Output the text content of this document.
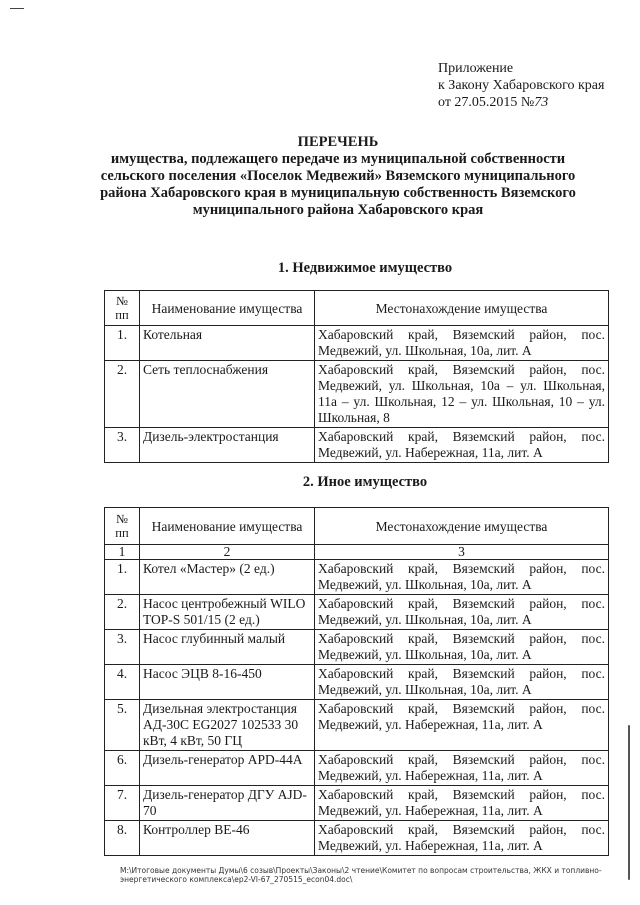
Приложение
к Закону Хабаровского края
от 27.05.2015 №73
ПЕРЕЧЕНЬ
имущества, подлежащего передаче из муниципальной собственности
сельского поселения «Поселок Медвежий» Вяземского муниципального
района Хабаровского края в муниципальную собственность Вяземского
муниципального района Хабаровского края
1. Недвижимое имущество
№
пп	Наименование имущества	Местонахождение имущества
1.	Котельная	Хабаровский край, Вяземский район, пос. Медвежий, ул. Школьная, 10а, лит. А
2.	Сеть теплоснабжения	Хабаровский край, Вяземский район, пос. Медвежий, ул. Школьная, 10а – ул. Школьная, 11а – ул. Школьная, 12 – ул. Школьная, 10 – ул. Школьная, 8
3.	Дизель-электростанция	Хабаровский край, Вяземский район, пос. Медвежий, ул. Набережная, 11а, лит. А
2. Иное имущество
№
пп	Наименование имущества	Местонахождение имущества
1	2	3
1.	Котел «Мастер» (2 ед.)	Хабаровский край, Вяземский район, пос. Медвежий, ул. Школьная, 10а, лит. А
2.	Насос центробежный WILO TOP-S 501/15 (2 ед.)	Хабаровский край, Вяземский район, пос. Медвежий, ул. Школьная, 10а, лит. А
3.	Насос глубинный малый	Хабаровский край, Вяземский район, пос. Медвежий, ул. Школьная, 10а, лит. А
4.	Насос ЭЦВ 8-16-450	Хабаровский край, Вяземский район, пос. Медвежий, ул. Школьная, 10а, лит. А
5.	Дизельная электростанция АД-30С EG2027 102533 30 кВт, 4 кВт, 50 ГЦ	Хабаровский край, Вяземский район, пос. Медвежий, ул. Набережная, 11а, лит. А
6.	Дизель-генератор APD-44A	Хабаровский край, Вяземский район, пос. Медвежий, ул. Набережная, 11а, лит. А
7.	Дизель-генератор ДГУ AJD-70	Хабаровский край, Вяземский район, пос. Медвежий, ул. Набережная, 11а, лит. А
8.	Контроллер BE-46	Хабаровский край, Вяземский район, пос. Медвежий, ул. Набережная, 11а, лит. А
М:\Итоговые документы Думы\6 созыв\Проекты\Законы\2 чтение\Комитет по вопросам строительства, ЖКХ и топливно-энергетического комплекса\ep2-VI-67_270515_econ04.doc\
